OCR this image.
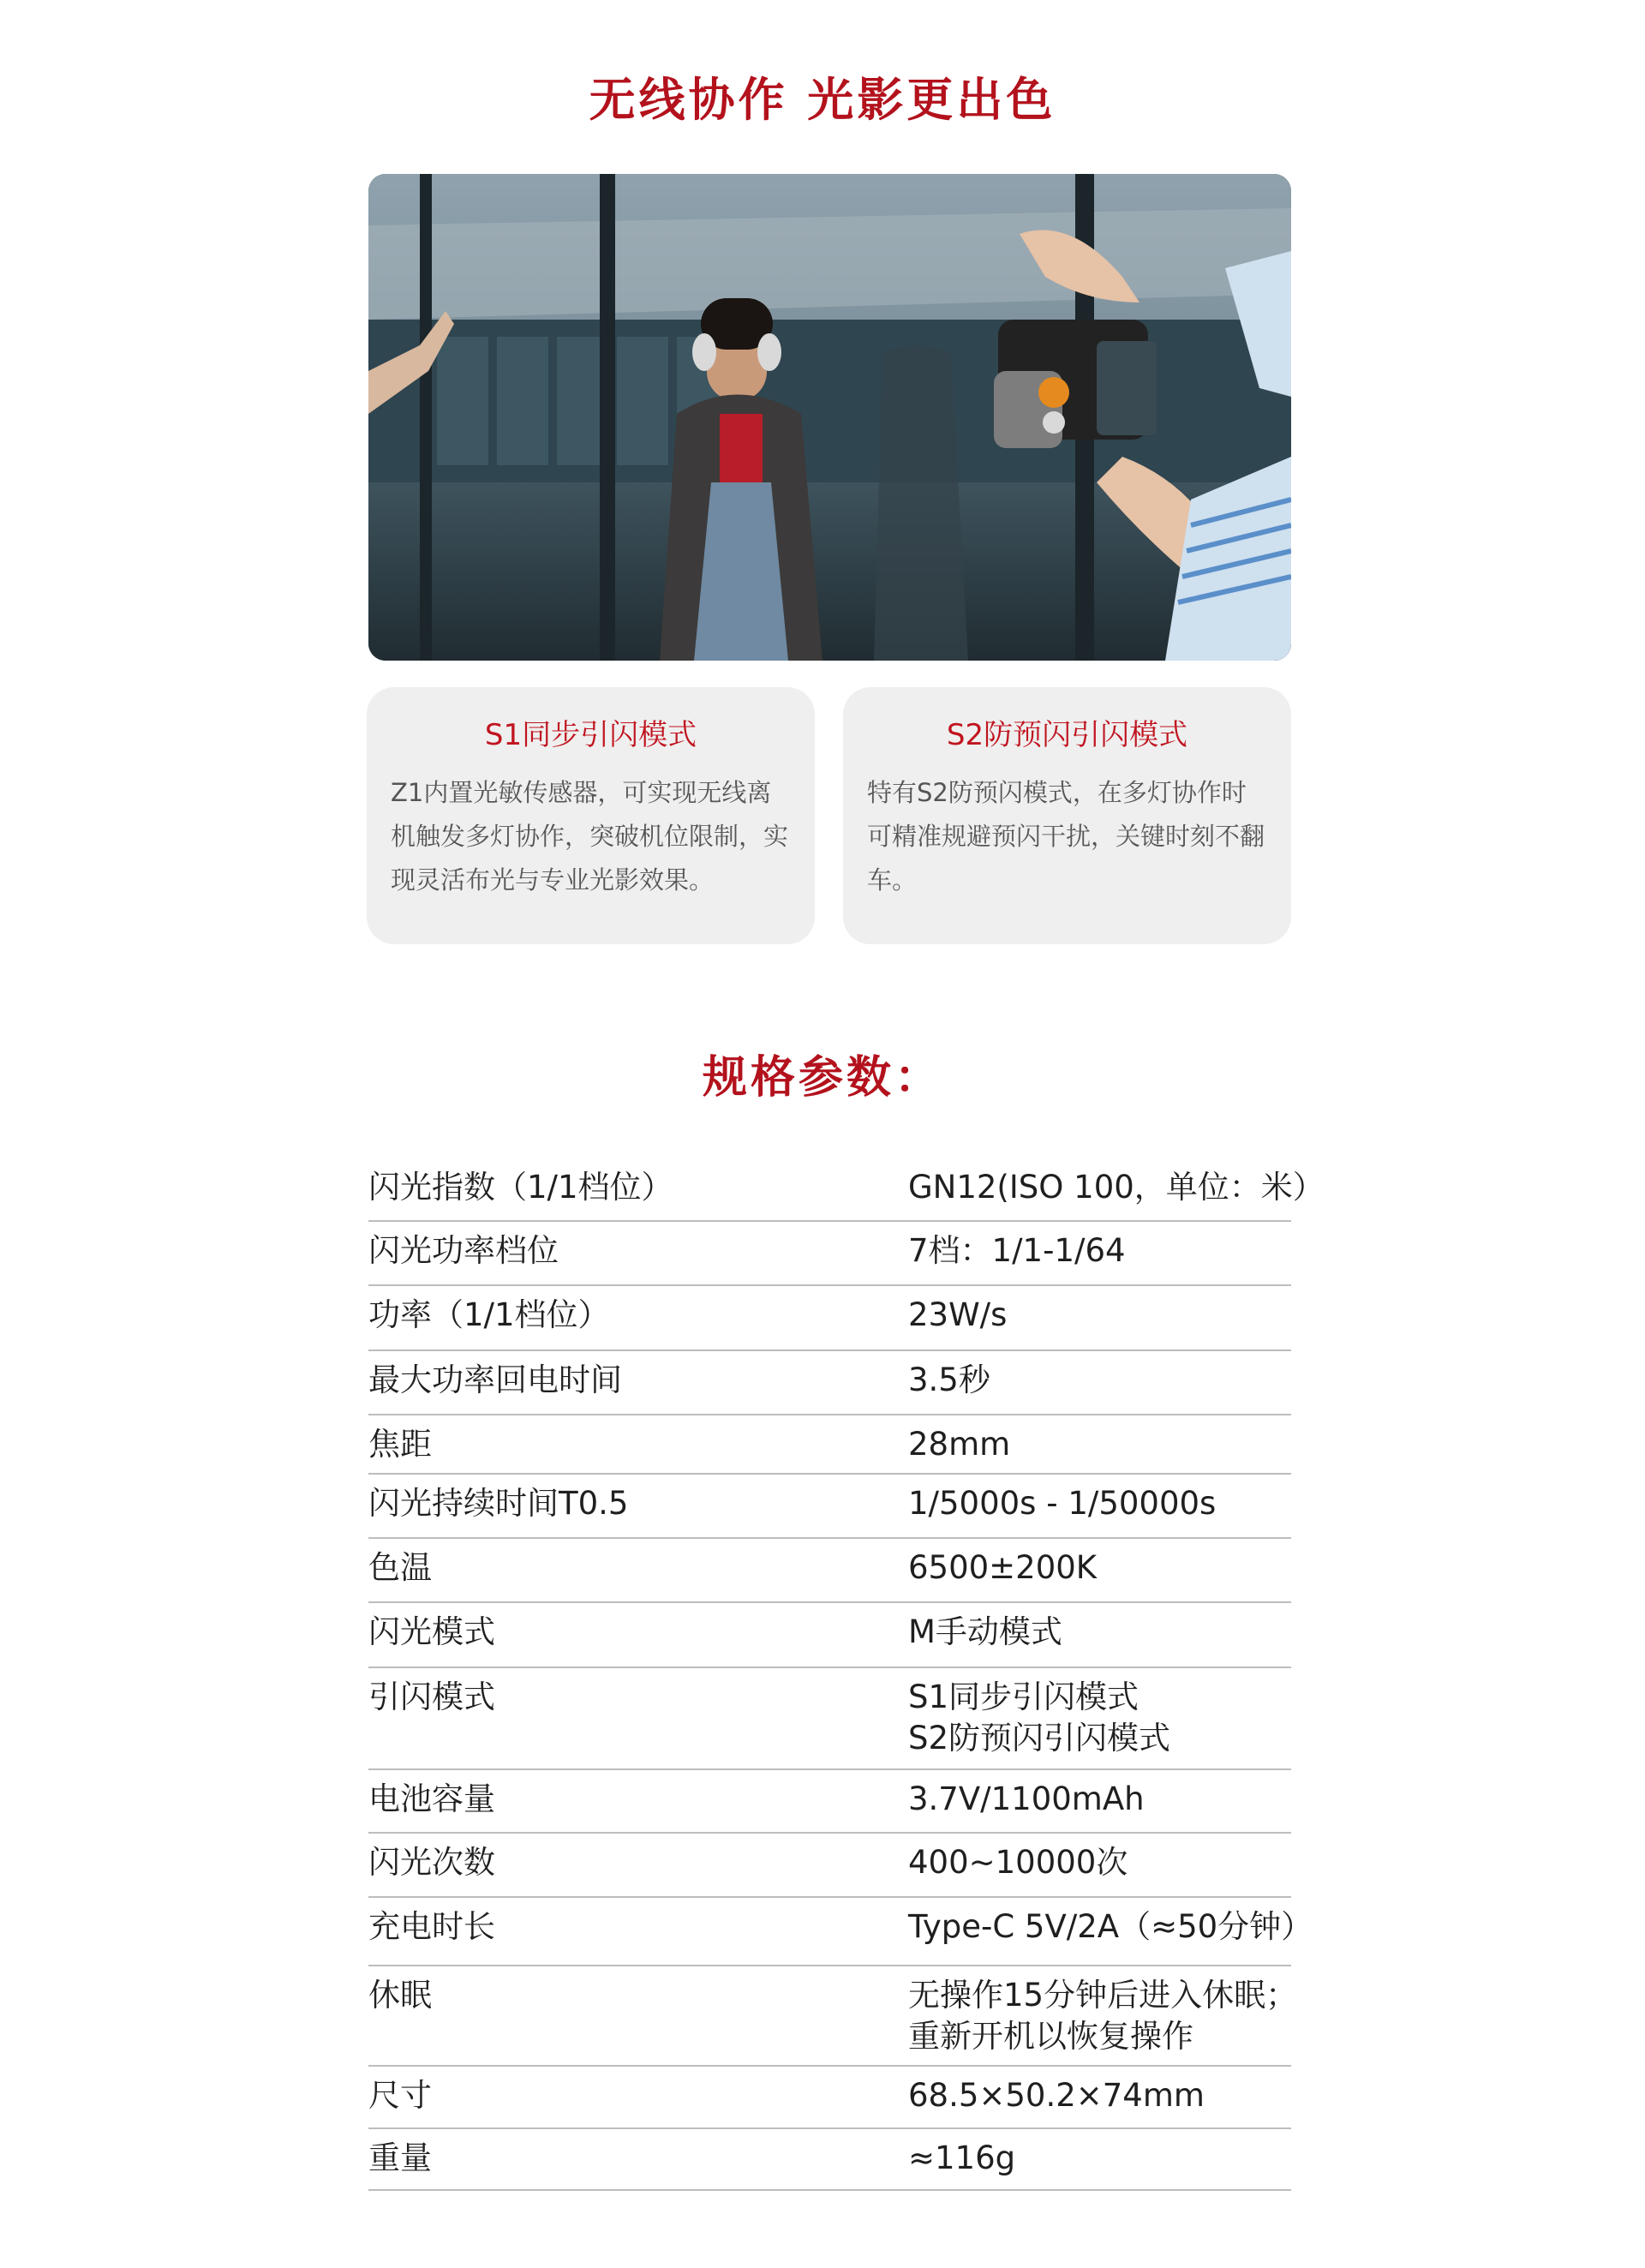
无线协作 光影更出色
S1同步引闪模式
Z1内置光敏传感器，可实现无线离机触发多灯协作，突破机位限制，实现灵活布光与专业光影效果。
S2防预闪引闪模式
特有S2防预闪模式，在多灯协作时可精准规避预闪干扰，关键时刻不翻车。
规格参数：
闪光指数（1/1档位）	GN12(ISO 100，单位：米）
闪光功率档位	7档：1/1-1/64
功率（1/1档位）	23W/s
最大功率回电时间	3.5秒
焦距	28mm
闪光持续时间T0.5	1/5000s - 1/50000s
色温	6500±200K
闪光模式	M手动模式
引闪模式	S1同步引闪模式
S2防预闪引闪模式
电池容量	3.7V/1100mAh
闪光次数	400~10000次
充电时长	Type-C 5V/2A（≈50分钟）
休眠	无操作15分钟后进入休眠；
重新开机以恢复操作
尺寸	68.5×50.2×74mm
重量	≈116g
